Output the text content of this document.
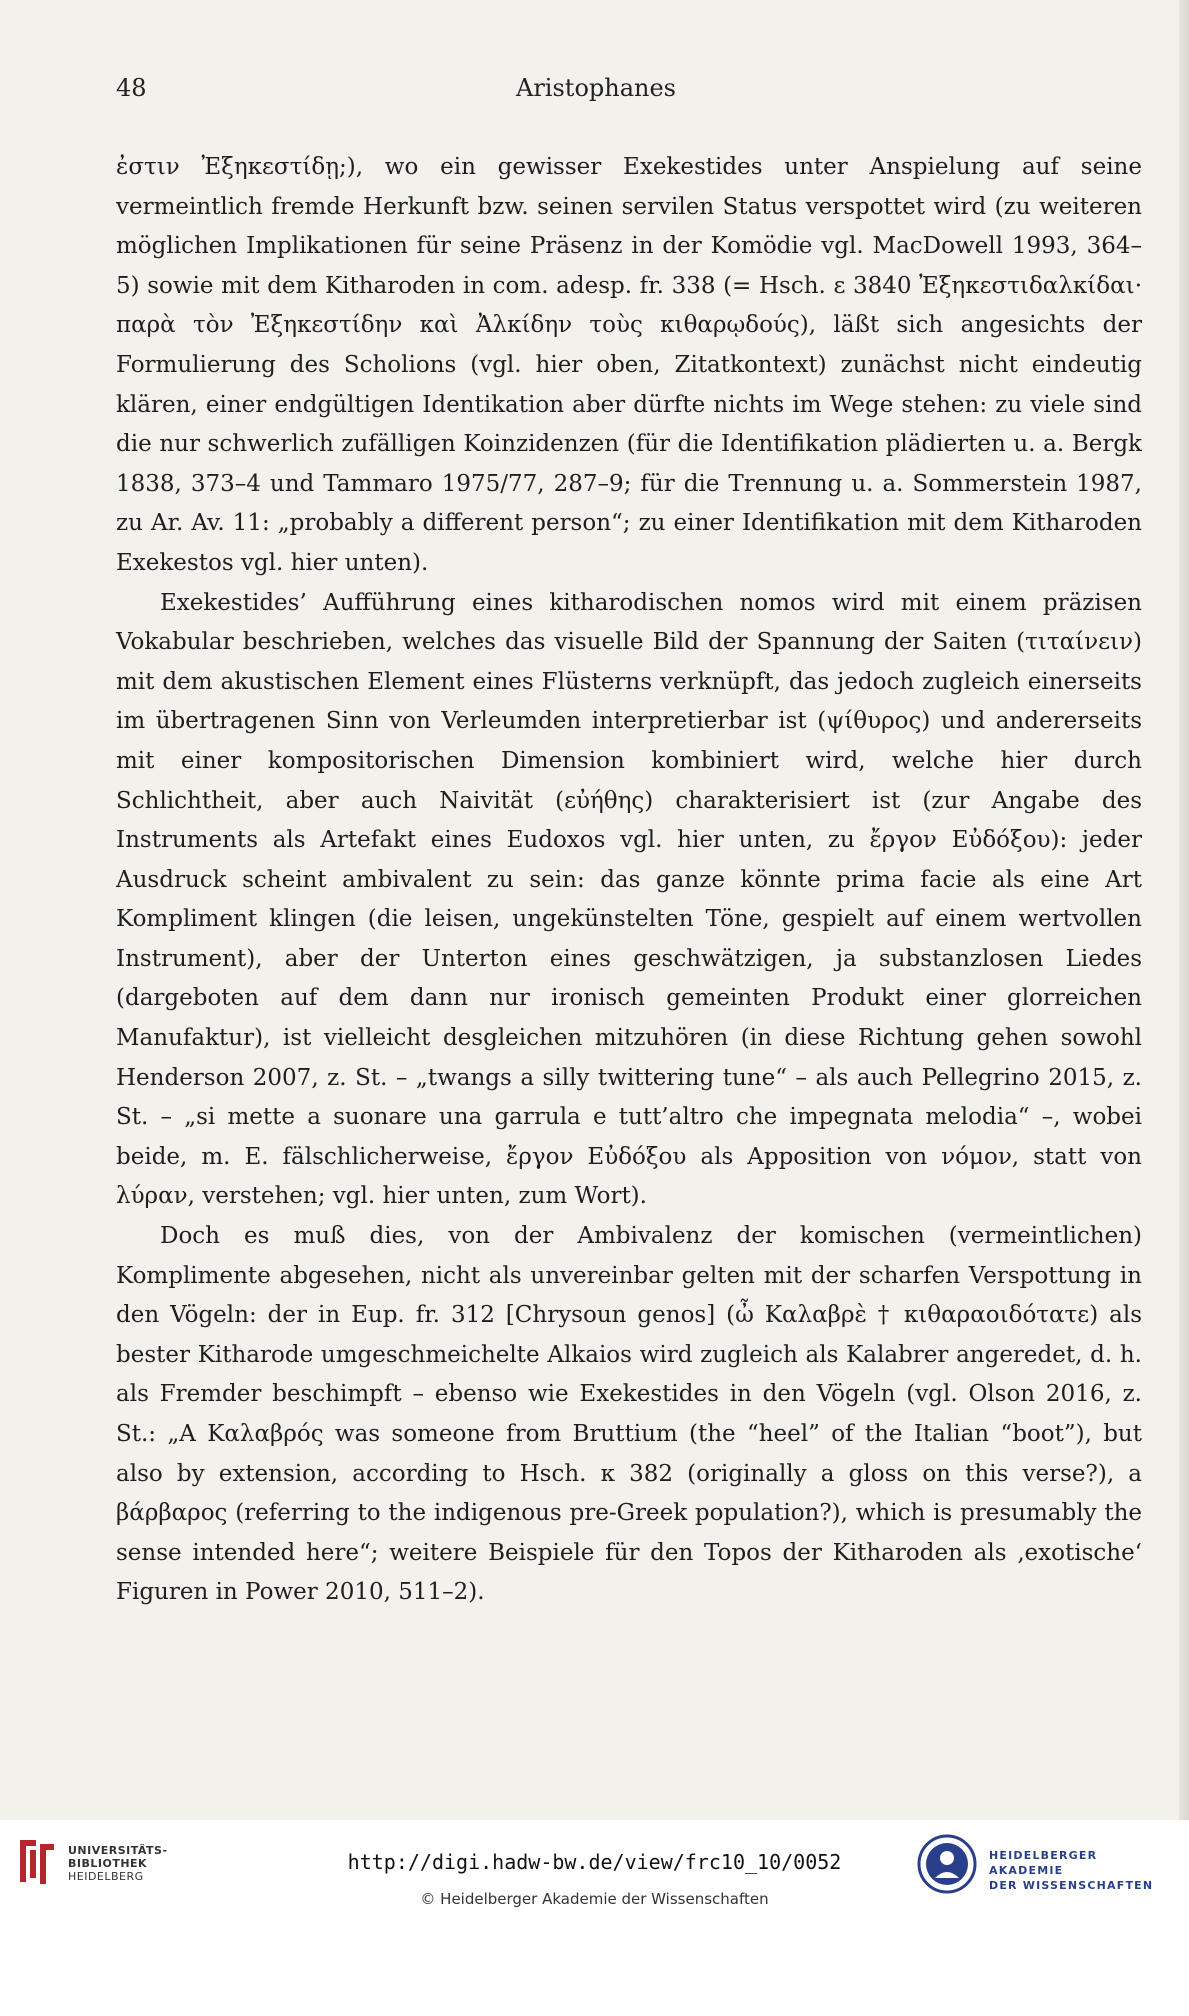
48	Aristophanes

ἐστιν Ἐξηκεστίδῃ;), wo ein gewisser Exekestides unter Anspielung auf seine vermeintlich fremde Herkunft bzw. seinen servilen Status verspottet wird (zu weiteren möglichen Implikationen für seine Präsenz in der Komödie vgl. MacDowell 1993, 364–5) sowie mit dem Kitharoden in com. adesp. fr. 338 (= Hsch. ε 3840 Ἐξηκεστιδαλκίδαι· παρὰ τὸν Ἐξηκεστίδην καὶ Ἀλκίδην τοὺς κιθαρῳδούς), läßt sich angesichts der Formulierung des Scholions (vgl. hier oben, Zitatkontext) zunächst nicht eindeutig klären, einer endgültigen Identikation aber dürfte nichts im Wege stehen: zu viele sind die nur schwerlich zufälligen Koinzidenzen (für die Identifikation plädierten u. a. Bergk 1838, 373–4 und Tammaro 1975/77, 287–9; für die Trennung u. a. Sommerstein 1987, zu Ar. Av. 11: „probably a different person“; zu einer Identifikation mit dem Kitharoden Exekestos vgl. hier unten).

Exekestides’ Aufführung eines kitharodischen nomos wird mit einem präzisen Vokabular beschrieben, welches das visuelle Bild der Spannung der Saiten (τιταίνειν) mit dem akustischen Element eines Flüsterns verknüpft, das jedoch zugleich einerseits im übertragenen Sinn von Verleumden interpretierbar ist (ψίθυρος) und andererseits mit einer kompositorischen Dimension kombiniert wird, welche hier durch Schlichtheit, aber auch Naivität (εὐήθης) charakterisiert ist (zur Angabe des Instruments als Artefakt eines Eudoxos vgl. hier unten, zu ἔργον Εὐδόξου): jeder Ausdruck scheint ambivalent zu sein: das ganze könnte prima facie als eine Art Kompliment klingen (die leisen, ungekünstelten Töne, gespielt auf einem wertvollen Instrument), aber der Unterton eines geschwätzigen, ja substanzlosen Liedes (dargeboten auf dem dann nur ironisch gemeinten Produkt einer glorreichen Manufaktur), ist vielleicht desgleichen mitzuhören (in diese Richtung gehen sowohl Henderson 2007, z. St. – „twangs a silly twittering tune“ – als auch Pellegrino 2015, z. St. – „si mette a suonare una garrula e tutt’altro che impegnata melodia“ –, wobei beide, m. E. fälschlicherweise, ἔργον Εὐδόξου als Apposition von νόμον, statt von λύραν, verstehen; vgl. hier unten, zum Wort).

Doch es muß dies, von der Ambivalenz der komischen (vermeintlichen) Komplimente abgesehen, nicht als unvereinbar gelten mit der scharfen Verspottung in den Vögeln: der in Eup. fr. 312 [Chrysoun genos] (ὦ Καλαβρὲ † κιθαραοιδότατε) als bester Kitharode umgeschmeichelte Alkaios wird zugleich als Kalabrer angeredet, d. h. als Fremder beschimpft – ebenso wie Exekestides in den Vögeln (vgl. Olson 2016, z. St.: „A Καλαβρός was someone from Bruttium (the “heel” of the Italian “boot”), but also by extension, according to Hsch. κ 382 (originally a gloss on this verse?), a βάρβαρος (referring to the indigenous pre-Greek population?), which is presumably the sense intended here“; weitere Beispiele für den Topos der Kitharoden als ‚exotische‘ Figuren in Power 2010, 511–2).

UNIVERSITÄTS-
BIBLIOTHEK
HEIDELBERG
http://digi.hadw-bw.de/view/frc10_10/0052
© Heidelberger Akademie der Wissenschaften
HEIDELBERGER AKADEMIE
DER WISSENSCHAFTEN
